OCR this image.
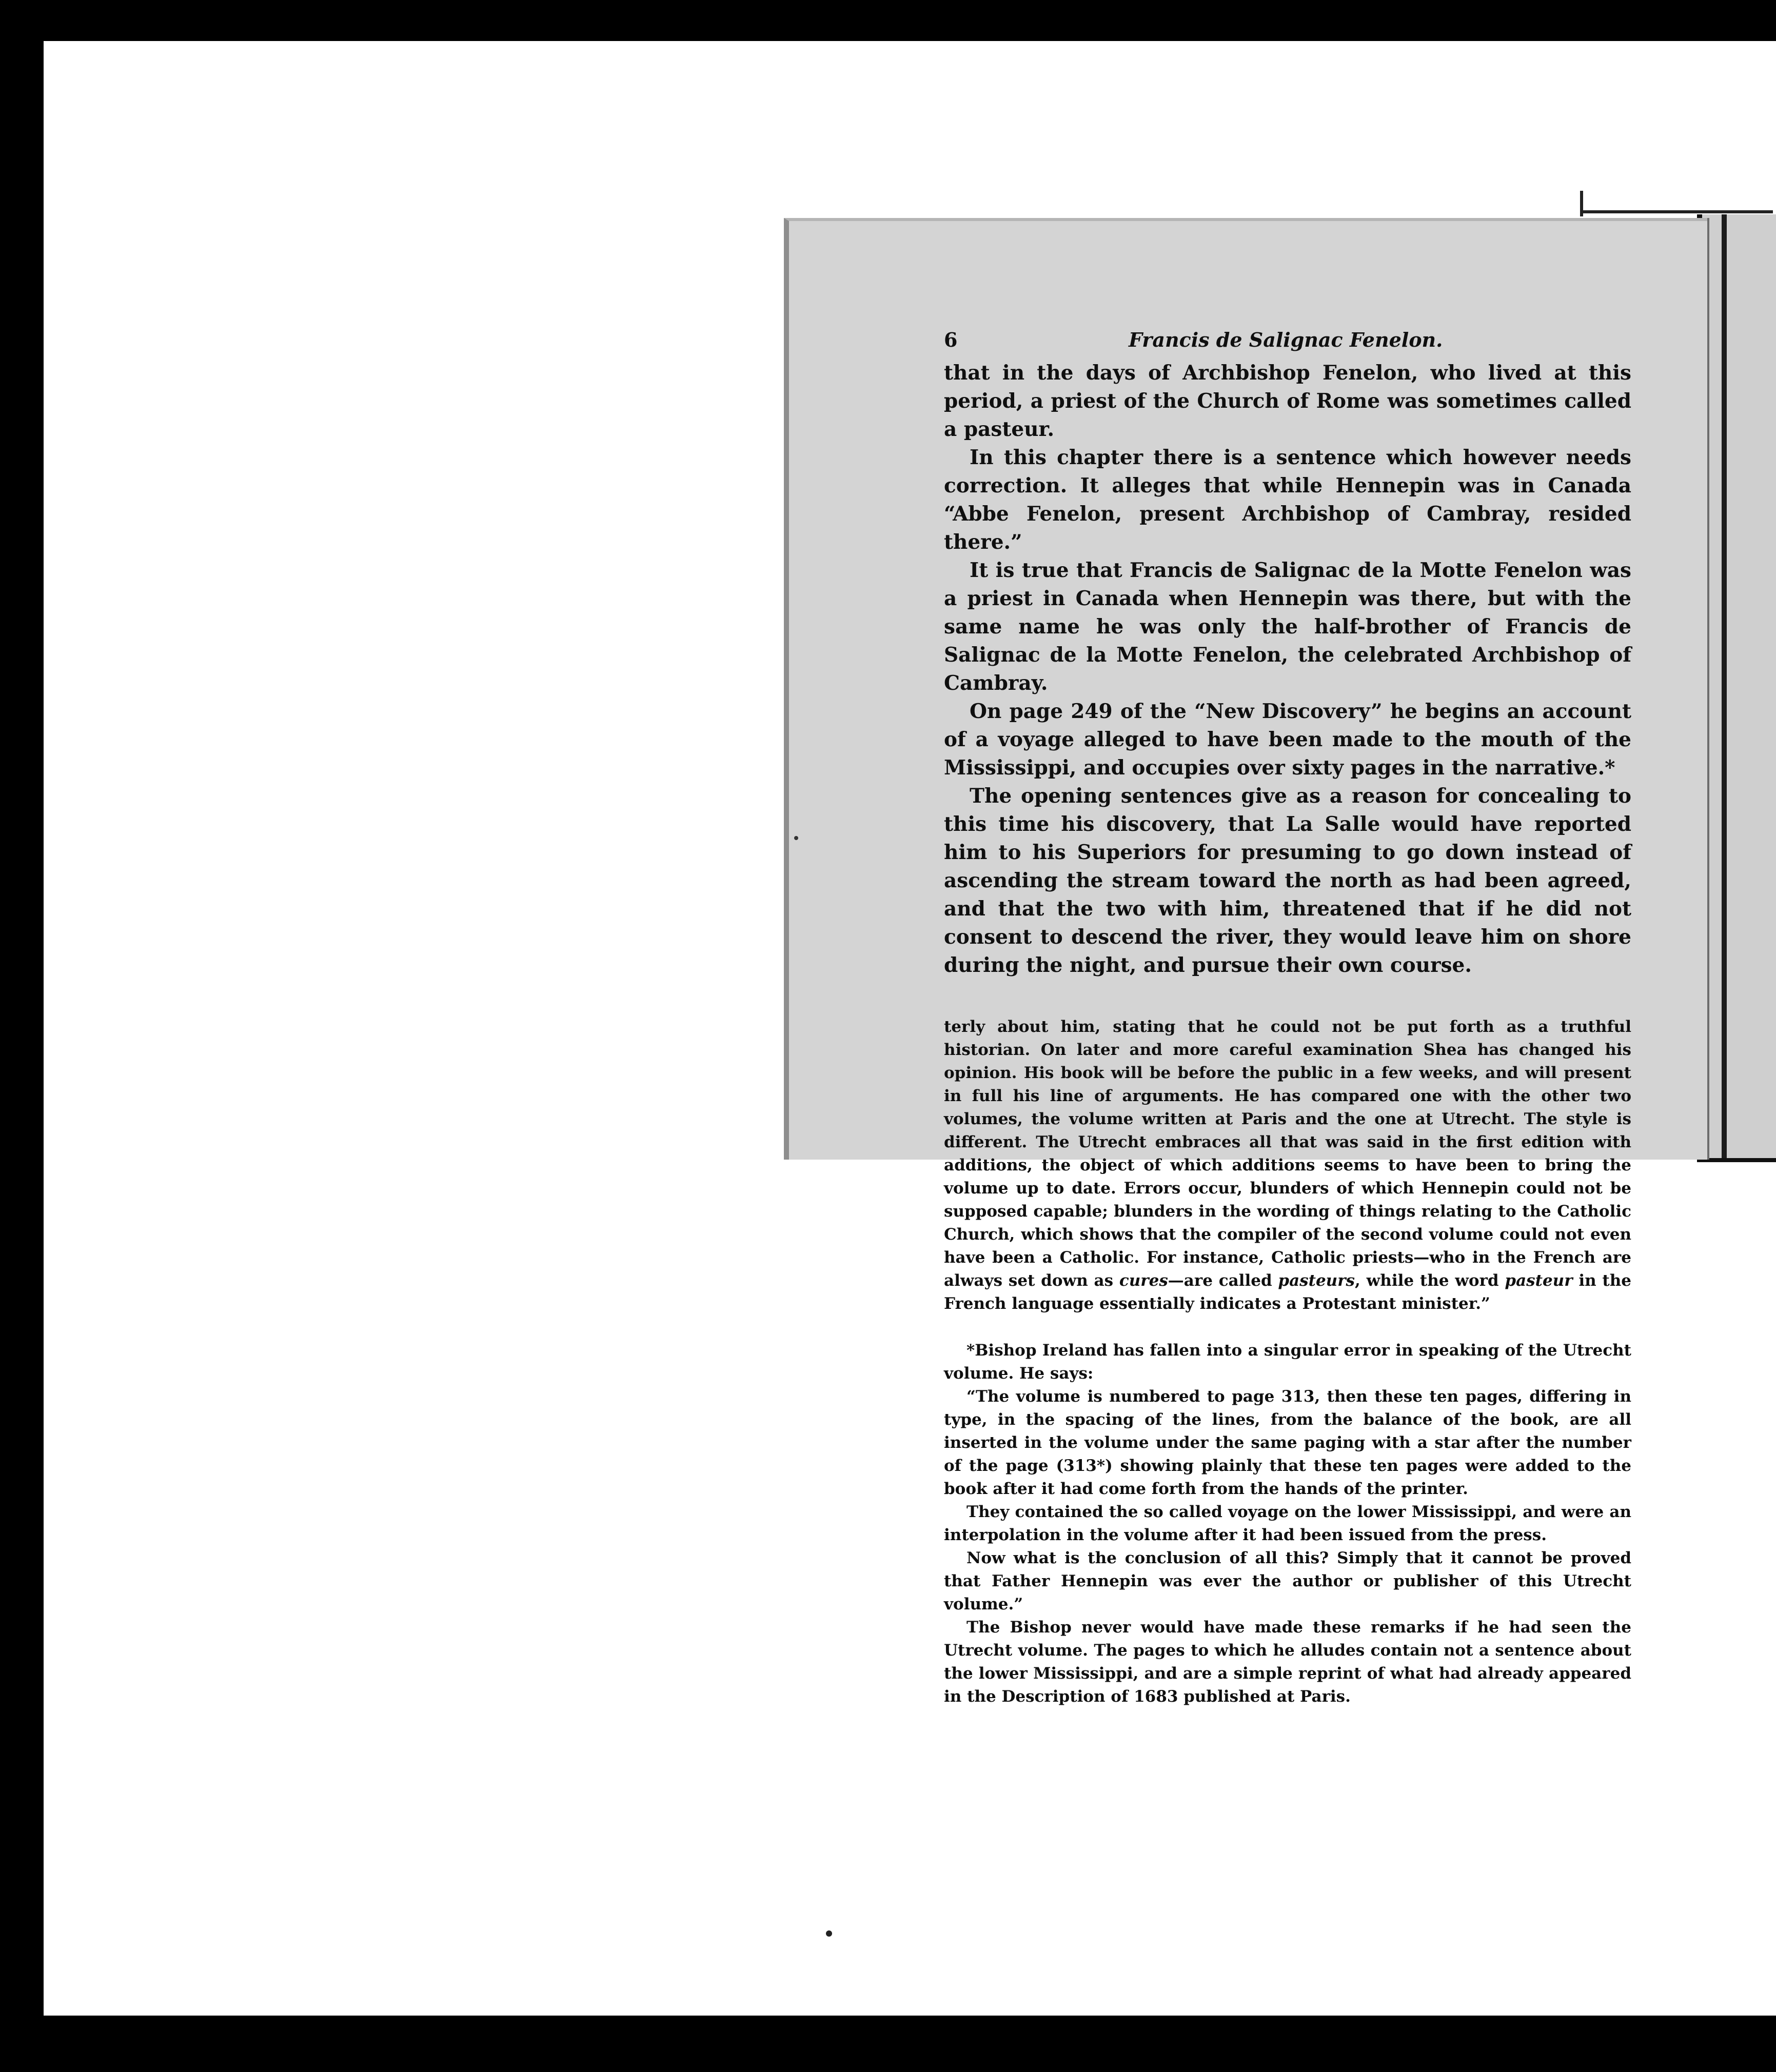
6	Francis de Salignac Fenelon.

that in the days of Archbishop Fenelon, who lived at this period, a priest of the Church of Rome was sometimes called a pasteur.

In this chapter there is a sentence which however needs correction. It alleges that while Hennepin was in Canada “Abbe Fenelon, present Archbishop of Cambray, resided there.”

It is true that Francis de Salignac de la Motte Fenelon was a priest in Canada when Hennepin was there, but with the same name he was only the half-brother of Francis de Salignac de la Motte Fenelon, the celebrated Archbishop of Cambray.

On page 249 of the “New Discovery” he begins an account of a voyage alleged to have been made to the mouth of the Mississippi, and occupies over sixty pages in the narrative.*

The opening sentences give as a reason for concealing to this time his discovery, that La Salle would have reported him to his Superiors for presuming to go down instead of ascending the stream toward the north as had been agreed, and that the two with him, threatened that if he did not consent to descend the river, they would leave him on shore during the night, and pursue their own course.

terly about him, stating that he could not be put forth as a truthful historian. On later and more careful examination Shea has changed his opinion. His book will be before the public in a few weeks, and will present in full his line of arguments. He has compared one with the other two volumes, the volume written at Paris and the one at Utrecht. The style is different. The Utrecht embraces all that was said in the first edition with additions, the object of which additions seems to have been to bring the volume up to date. Errors occur, blunders of which Hennepin could not be supposed capable; blunders in the wording of things relating to the Catholic Church, which shows that the compiler of the second volume could not even have been a Catholic. For instance, Catholic priests—who in the French are always set down as cures—are called pasteurs, while the word pasteur in the French language essentially indicates a Protestant minister.”

*Bishop Ireland has fallen into a singular error in speaking of the Utrecht volume. He says:

“The volume is numbered to page 313, then these ten pages, differing in type, in the spacing of the lines, from the balance of the book, are all inserted in the volume under the same paging with a star after the number of the page (313*) showing plainly that these ten pages were added to the book after it had come forth from the hands of the printer.

They contained the so called voyage on the lower Mississippi, and were an interpolation in the volume after it had been issued from the press.

Now what is the conclusion of all this? Simply that it cannot be proved that Father Hennepin was ever the author or publisher of this Utrecht volume.”

The Bishop never would have made these remarks if he had seen the Utrecht volume. The pages to which he alludes contain not a sentence about the lower Mississippi, and are a simple reprint of what had already appeared in the Description of 1683 published at Paris.
